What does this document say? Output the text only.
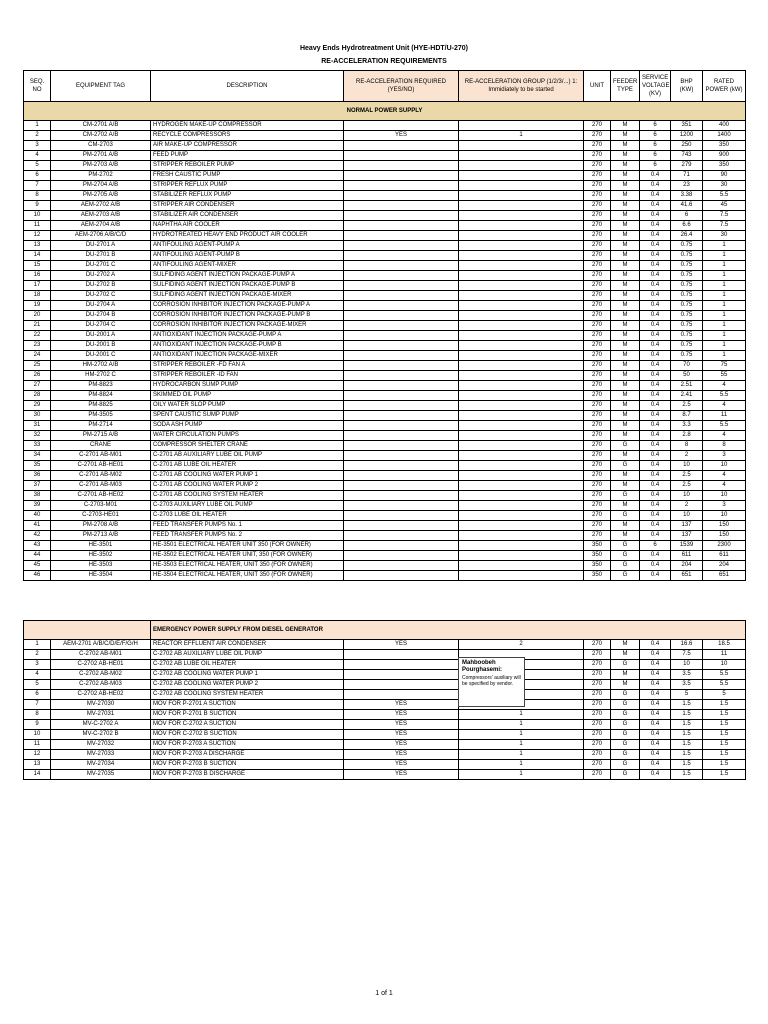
Heavy Ends Hydrotreatment Unit (HYE-HDT/U-270)
RE-ACCELERATION REQUIREMENTS
SEQ. NO	EQUIPMENT TAG	DESCRIPTION	RE-ACCELERATION REQUIRED (YES/NO)	RE-ACCELERATION GROUP (1/2/3/...) 1: Immidiately to be started	UNIT	FEEDER TYPE	SERVICE VOLTAGE (KV)	BHP (KW)	RATED POWER (kW)
NORMAL POWER SUPPLY									
1	CM-2701 A/B	HYDROGEN MAKE-UP COMPRESSOR			270	M	6	351	400
2	CM-2702 A/B	RECYCLE COMPRESSORS	YES	1	270	M	6	1200	1400
3	CM-2703	AIR MAKE-UP COMPRESSOR			270	M	6	250	350
4	PM-2701 A/B	FEED PUMP			270	M	6	743	900
5	PM-2703 A/B	STRIPPER REBOILER PUMP			270	M	6	279	350
6	PM-2702	FRESH CAUSTIC PUMP			270	M	0.4	71	90
7	PM-2704 A/B	STRIPPER REFLUX PUMP			270	M	0.4	23	30
8	PM-2705 A/B	STABILIZER REFLUX PUMP			270	M	0.4	3.38	5.5
9	AEM-2702 A/B	STRIPPER AIR CONDENSER			270	M	0.4	41.6	45
10	AEM-2703 A/B	STABILIZER AIR CONDENSER			270	M	0.4	6	7.5
11	AEM-2704 A/B	NAPHTHA AIR COOLER			270	M	0.4	6.6	7.5
12	AEM-2706 A/B/C/D	HYDROTREATED HEAVY END PRODUCT AIR COOLER			270	M	0.4	26.4	30
13	DU-2701 A	ANTIFOULING AGENT-PUMP A			270	M	0.4	0.75	1
14	DU-2701 B	ANTIFOULING AGENT-PUMP B			270	M	0.4	0.75	1
15	DU-2701 C	ANTIFOULING AGENT-MIXER			270	M	0.4	0.75	1
16	DU-2702 A	SULFIDING AGENT INJECTION PACKAGE-PUMP A			270	M	0.4	0.75	1
17	DU-2702 B	SULFIDING AGENT INJECTION PACKAGE-PUMP B			270	M	0.4	0.75	1
18	DU-2702 C	SULFIDING AGENT INJECTION PACKAGE-MIXER			270	M	0.4	0.75	1
19	DU-2704 A	CORROSION INHIBITOR INJECTION PACKAGE-PUMP A			270	M	0.4	0.75	1
20	DU-2704 B	CORROSION INHIBITOR INJECTION PACKAGE-PUMP B			270	M	0.4	0.75	1
21	DU-2704 C	CORROSION INHIBITOR INJECTION PACKAGE-MIXER			270	M	0.4	0.75	1
22	DU-2001 A	ANTIOXIDANT INJECTION PACKAGE-PUMP A			270	M	0.4	0.75	1
23	DU-2001 B	ANTIOXIDANT INJECTION PACKAGE-PUMP B			270	M	0.4	0.75	1
24	DU-2001 C	ANTIOXIDANT INJECTION PACKAGE-MIXER			270	M	0.4	0.75	1
25	HM-2702 A/B	STRIPPER REBOILER -FD FAN A			270	M	0.4	70	75
26	HM-2702 C	STRIPPER REBOILER -ID FAN			270	M	0.4	50	55
27	PM-8823	HYDROCARBON SUMP PUMP			270	M	0.4	2.51	4
28	PM-8824	SKIMMED OIL PUMP			270	M	0.4	2.41	5.5
29	PM-8825	OILY WATER SLOP PUMP			270	M	0.4	2.5	4
30	PM-3505	SPENT CAUSTIC SUMP PUMP			270	M	0.4	8.7	11
31	PM-2714	SODA ASH PUMP			270	M	0.4	3.3	5.5
32	PM-2715 A/B	WATER CIRCULATION PUMPS			270	M	0.4	2.8	4
33	CRANE	COMPRESSOR SHELTER CRANE			270	G	0.4	8	8
34	C-2701 AB-M01	C-2701 AB AUXILIARY LUBE OIL PUMP			270	M	0.4	2	3
35	C-2701 AB-HE01	C-2701 AB LUBE OIL HEATER			270	G	0.4	10	10
36	C-2701 AB-M02	C-2701 AB COOLING WATER PUMP 1			270	M	0.4	2.5	4
37	C-2701 AB-M03	C-2701 AB COOLING WATER PUMP 2			270	M	0.4	2.5	4
38	C-2701 AB-HE02	C-2701 AB COOLING SYSTEM HEATER			270	G	0.4	10	10
39	C-2703-M01	C-2703 AUXILIARY LUBE OIL PUMP			270	M	0.4	2	3
40	C-2703-HE01	C-2703 LUBE OIL HEATER			270	G	0.4	10	10
41	PM-2708 A/B	FEED TRANSFER PUMPS No. 1			270	M	0.4	137	150
42	PM-2713 A/B	FEED TRANSFER PUMPS No. 2			270	M	0.4	137	150
43	HE-3501	HE-3501 ELECTRICAL HEATER UNIT 350 (FOR OWNER)			350	G	6	1539	2300
44	HE-3502	HE-3502 ELECTRICAL HEATER UNIT, 350 (FOR OWNER)			350	G	0.4	611	611
45	HE-3503	HE-3503 ELECTRICAL HEATER, UNIT 350 (FOR OWNER)			350	G	0.4	204	204
46	HE-3504	HE-3504 ELECTRICAL HEATER, UNIT 350 (FOR OWNER)			350	G	0.4	651	651
		EMERGENCY POWER SUPPLY FROM DIESEL GENERATOR							
1	AEM-2701 A/B/C/D/E/F/G/H	REACTOR EFFLUENT AIR CONDENSER	YES	2	270	M	0.4	16.6	18.5
2	C-2702 AB-M01	C-2702 AB AUXILIARY LUBE OIL PUMP			270	M	0.4	7.5	11
3	C-2702 AB-HE01	C-2702 AB LUBE OIL HEATER			270	G	0.4	10	10
4	C-2702 AB-M02	C-2702 AB COOLING WATER PUMP 1			270	M	0.4	3.5	5.5
5	C-2702 AB-M03	C-2702 AB COOLING WATER PUMP 2			270	M	0.4	3.5	5.5
6	C-2702 AB-HE02	C-2702 AB COOLING SYSTEM HEATER			270	G	0.4	5	5
7	MV-27030	MOV FOR P-2701 A SUCTION	YES		270	G	0.4	1.5	1.5
8	MV-27031	MOV FOR P-2701 B SUCTION	YES	1	270	G	0.4	1.5	1.5
9	MV-C-2702 A	MOV FOR C-2702 A SUCTION	YES	1	270	G	0.4	1.5	1.5
10	MV-C-2702 B	MOV FOR C-2702 B SUCTION	YES	1	270	G	0.4	1.5	1.5
11	MV-27032	MOV FOR P-2703 A SUCTION	YES	1	270	G	0.4	1.5	1.5
12	MV-27033	MOV FOR P-2703 A DISCHARGE	YES	1	270	G	0.4	1.5	1.5
13	MV-27034	MOV FOR P-2703 B SUCTION	YES	1	270	G	0.4	1.5	1.5
14	MV-27035	MOV FOR P-2703 B DISCHARGE	YES	1	270	G	0.4	1.5	1.5
Mahboobeh Pourghasemi:
Compressors' auxiliary will be specified by vendor.
1 of 1
